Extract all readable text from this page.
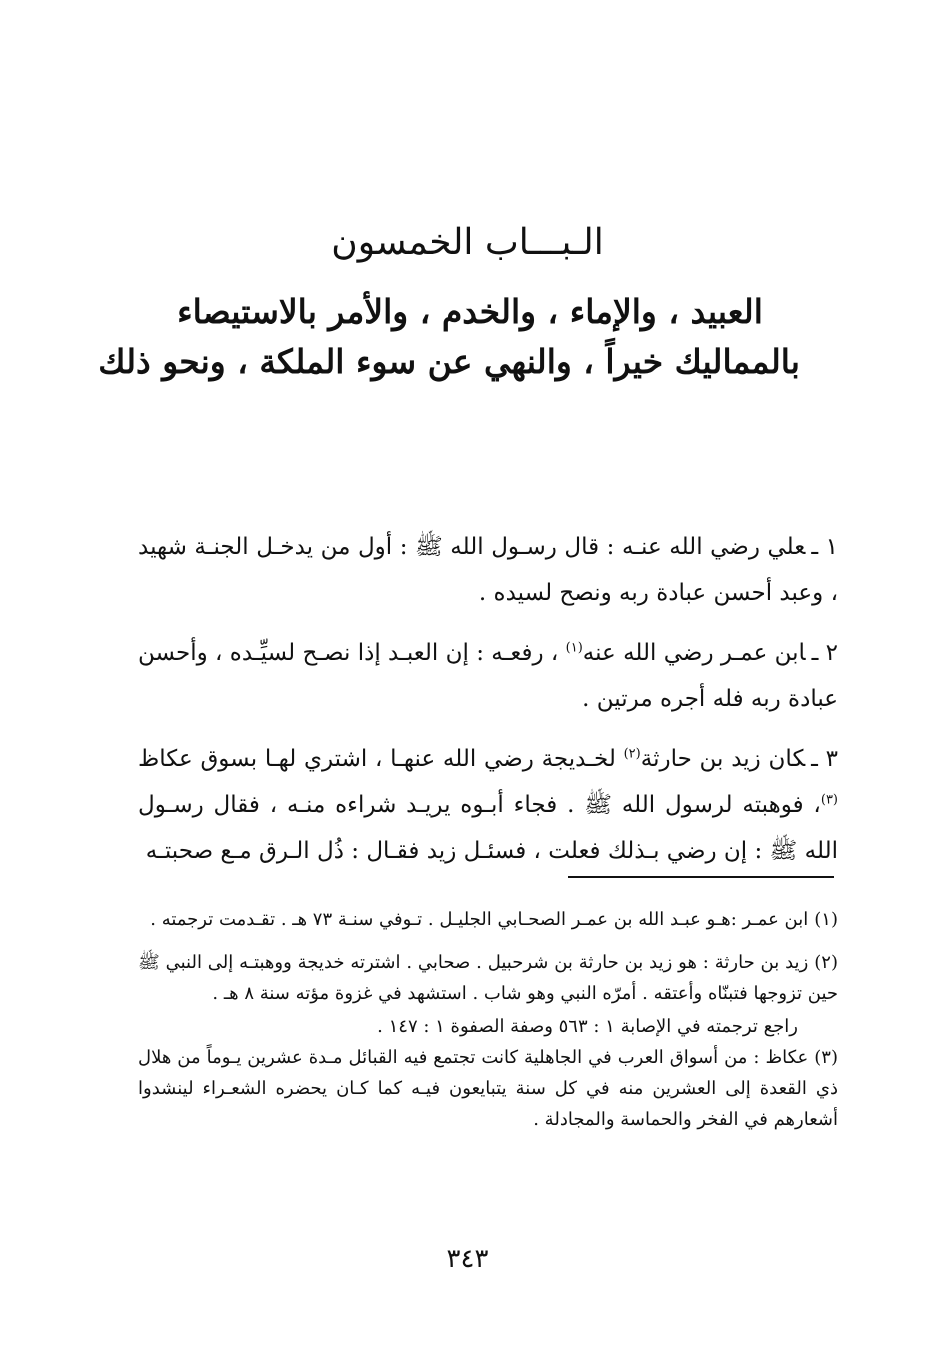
الـبـــاب الخمسون
العبيد ، والإماء ، والخدم ، والأمر بالاستيصاء
بالمماليك خيراً ، والنهي عن سوء الملكة ، ونحو ذلك

١ ـعلي رضي الله عنـه : قال رسـول الله ﷺ : أول من يدخـل الجنـة شهيد ، وعبد أحسن عبادة ربه ونصح لسيده .

٢ ـابن عمـر رضي الله عنه$^{(١)}$ ، رفعـه : إن العبـد إذا نصـح لسيِّـده ، وأحسن عبادة ربه فله أجره مرتين .

٣ ـكان زيد بن حارثة$^{(٢)}$ لخـديجة رضي الله عنهـا ، اشتري لهـا بسوق عكاظ $^{(٣)}$، فوهبته لرسول الله ﷺ . فجاء أبـوه يريـد شراءه منـه ، فقال رسـول الله ﷺ : إن رضي بـذلك فعلت ، فسئـل زيد فقـال : ذُل الـرق مـع صحبتـه

(١)ابن عمـر :هـو عبـد الله بن عمـر الصحـابي الجليـل . تـوفي سنـة ٧٣ هـ . تقـدمت ترجمته .

(٢)زيد بن حارثة : هو زيد بن حارثة بن شرحبيل . صحابي . اشترته خديجة ووهبتـه إلى النبي ﷺ حين تزوجها فتبنّاه وأعتقه . أمرّه النبي وهو شاب . استشهد في غزوة مؤته سنة ٨ هـ .

راجع ترجمته في الإصابة ١ : ٥٦٣ وصفة الصفوة ١ : ١٤٧ .

(٣)عكاظ : من أسواق العرب في الجاهلية كانت تجتمع فيه القبائل مـدة عشرين يـوماً من هلال ذي القعدة إلى العشرين منه في كل سنة يتبايعون فيـه كما كـان يحضره الشعـراء لينشدوا أشعارهم في الفخر والحماسة والمجادلة .

٣٤٣
